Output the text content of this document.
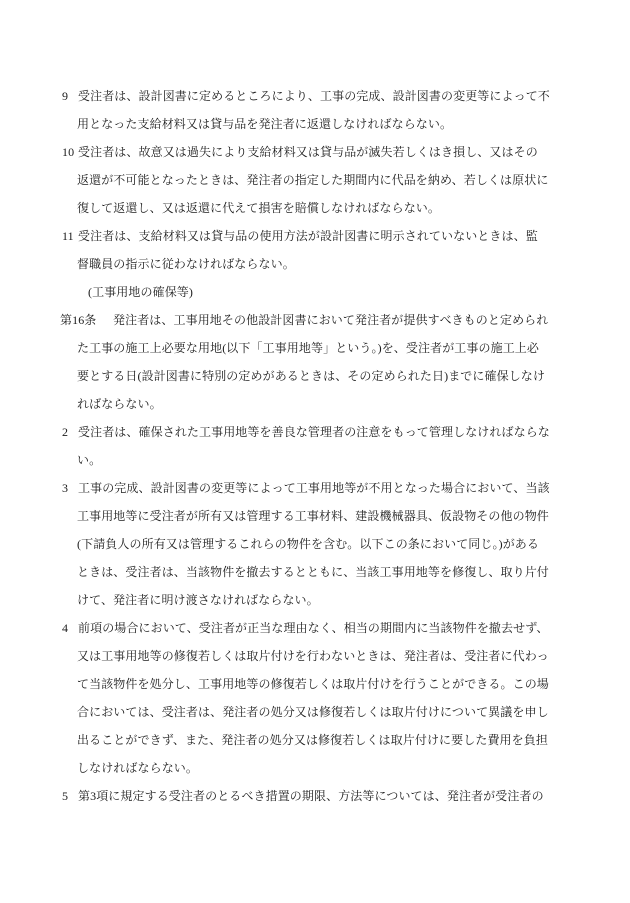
9 受注者は、設計図書に定めるところにより、工事の完成、設計図書の変更等によって不
用となった支給材料又は貸与品を発注者に返還しなければならない。
10 受注者は、故意又は過失により支給材料又は貸与品が滅失若しくはき損し、又はその
返還が不可能となったときは、発注者の指定した期間内に代品を納め、若しくは原状に
復して返還し、又は返還に代えて損害を賠償しなければならない。
11 受注者は、支給材料又は貸与品の使用方法が設計図書に明示されていないときは、監
督職員の指示に従わなければならない。
(工事用地の確保等)
第16条 発注者は、工事用地その他設計図書において発注者が提供すべきものと定められ
た工事の施工上必要な用地(以下「工事用地等」という。)を、受注者が工事の施工上必
要とする日(設計図書に特別の定めがあるときは、その定められた日)までに確保しなけ
ればならない。
2 受注者は、確保された工事用地等を善良な管理者の注意をもって管理しなければならな
い。
3 工事の完成、設計図書の変更等によって工事用地等が不用となった場合において、当該
工事用地等に受注者が所有又は管理する工事材料、建設機械器具、仮設物その他の物件
(下請負人の所有又は管理するこれらの物件を含む。以下この条において同じ。)がある
ときは、受注者は、当該物件を撤去するとともに、当該工事用地等を修復し、取り片付
けて、発注者に明け渡さなければならない。
4 前項の場合において、受注者が正当な理由なく、相当の期間内に当該物件を撤去せず、
又は工事用地等の修復若しくは取片付けを行わないときは、発注者は、受注者に代わっ
て当該物件を処分し、工事用地等の修復若しくは取片付けを行うことができる。この場
合においては、受注者は、発注者の処分又は修復若しくは取片付けについて異議を申し
出ることができず、また、発注者の処分又は修復若しくは取片付けに要した費用を負担
しなければならない。
5 第3項に規定する受注者のとるべき措置の期限、方法等については、発注者が受注者の
